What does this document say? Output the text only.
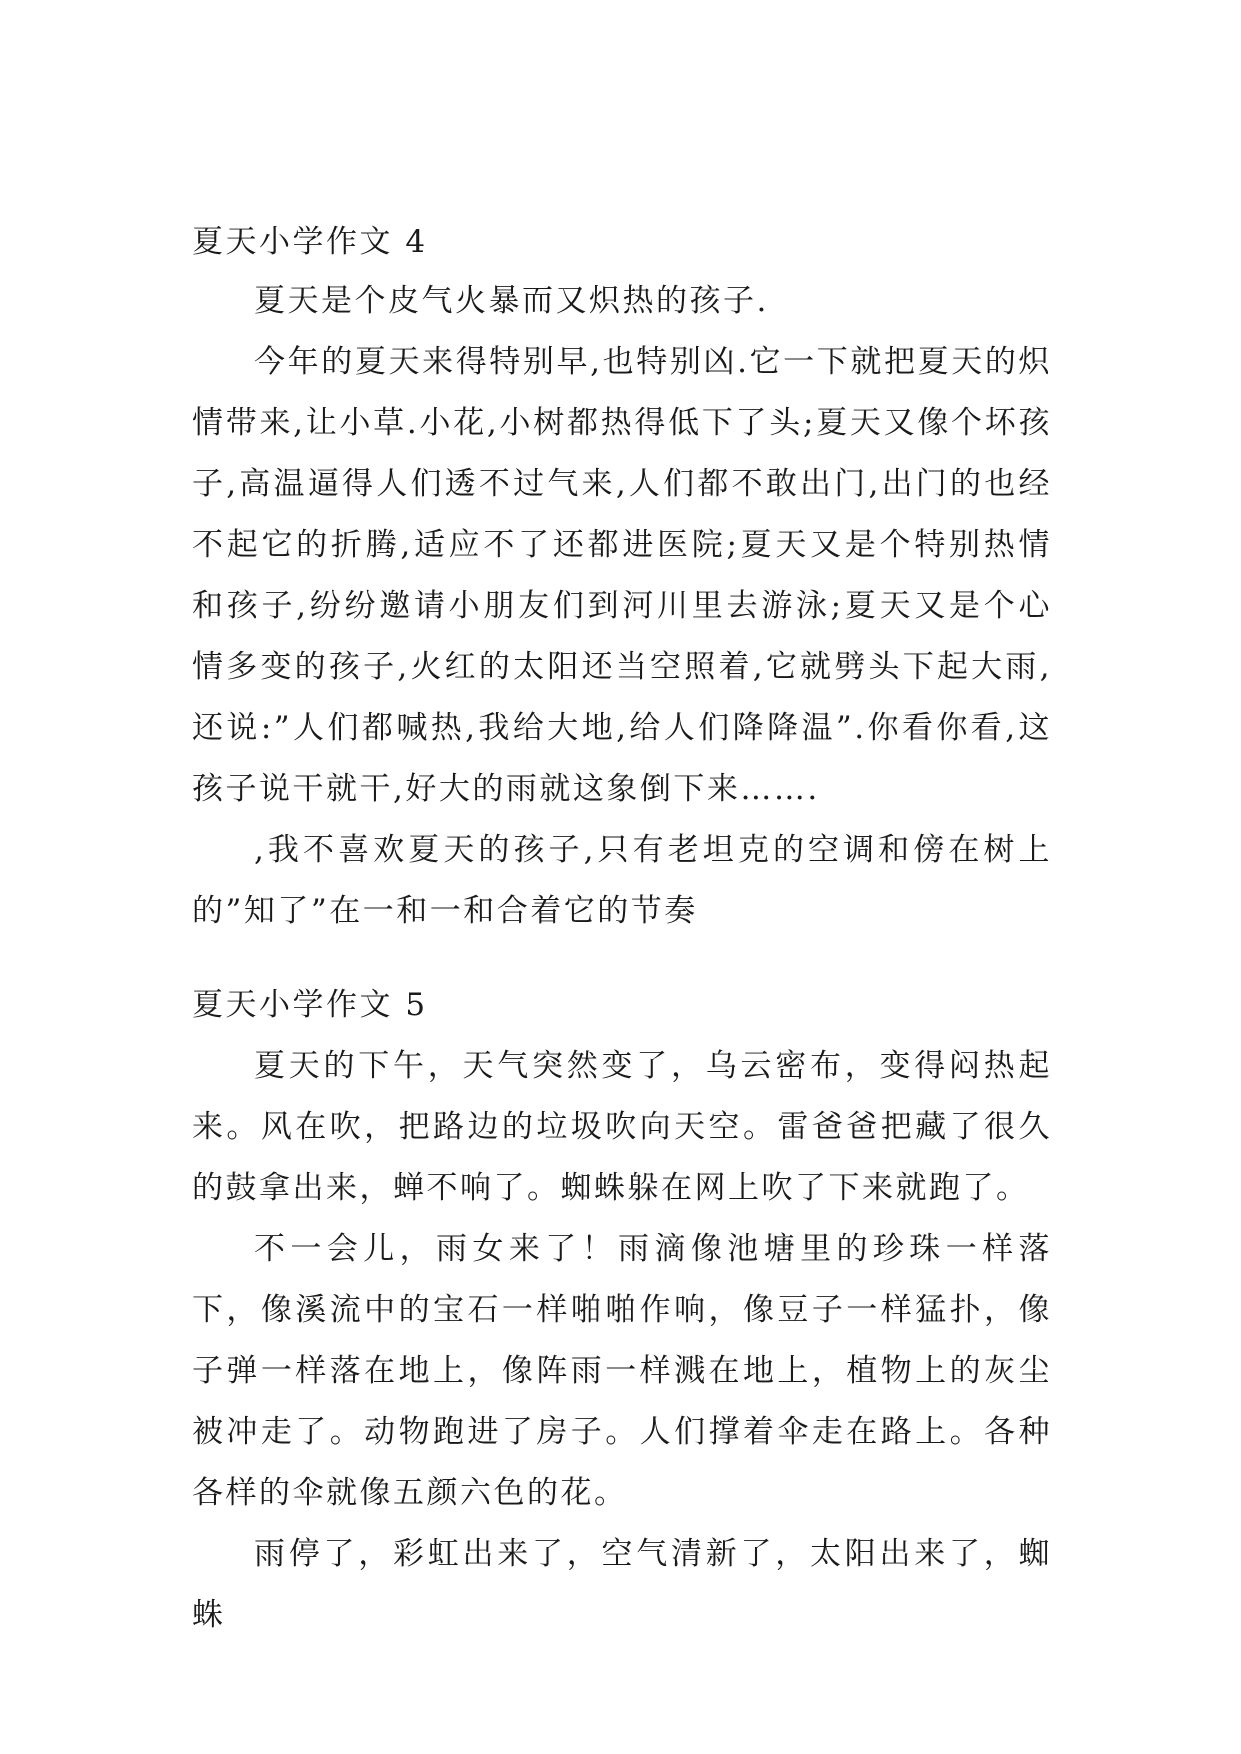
夏天小学作文 4

夏天是个皮气火暴而又炽热的孩子.

今年的夏天来得特别早,也特别凶.它一下就把夏天的炽情带来,让小草.小花,小树都热得低下了头;夏天又像个坏孩子,高温逼得人们透不过气来,人们都不敢出门,出门的也经不起它的折腾,适应不了还都进医院;夏天又是个特别热情和孩子,纷纷邀请小朋友们到河川里去游泳;夏天又是个心情多变的孩子,火红的太阳还当空照着,它就劈头下起大雨,还说:”人们都喊热,我给大地,给人们降降温”.你看你看,这孩子说干就干,好大的雨就这象倒下来…….

,我不喜欢夏天的孩子,只有老坦克的空调和傍在树上的”知了”在一和一和合着它的节奏

夏天小学作文 5

夏天的下午，天气突然变了，乌云密布，变得闷热起来。风在吹，把路边的垃圾吹向天空。雷爸爸把藏了很久的鼓拿出来，蝉不响了。蜘蛛躲在网上吹了下来就跑了。

不一会儿，雨女来了！雨滴像池塘里的珍珠一样落下，像溪流中的宝石一样啪啪作响，像豆子一样猛扑，像子弹一样落在地上，像阵雨一样溅在地上，植物上的灰尘被冲走了。动物跑进了房子。人们撑着伞走在路上。各种各样的伞就像五颜六色的花。

雨停了，彩虹出来了，空气清新了，太阳出来了，蜘蛛
